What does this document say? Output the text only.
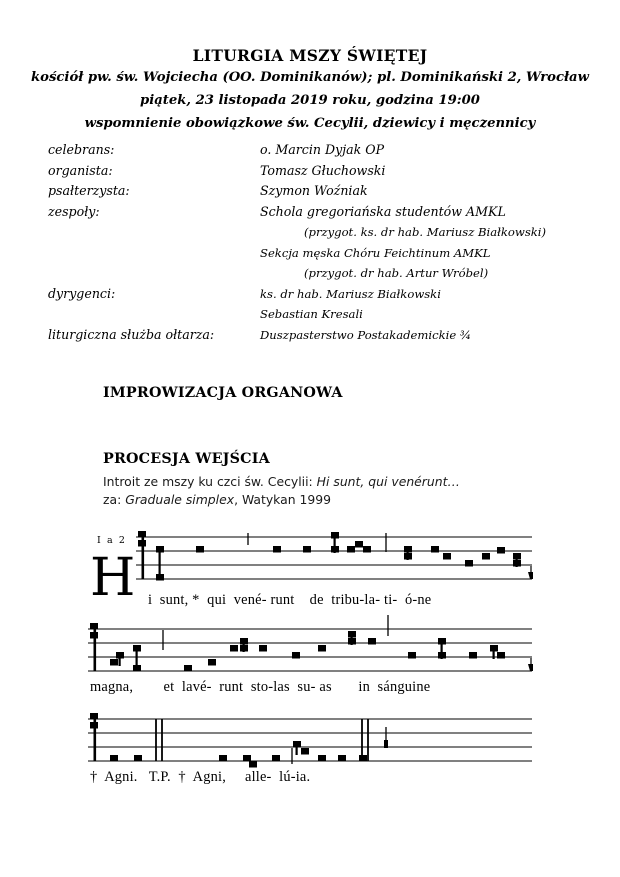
LITURGIA MSZY ŚWIĘTEJ
kościół pw. św. Wojciecha (OO. Dominikanów); pl. Dominikański 2, Wrocław
piątek, 23 listopada 2019 roku, godzina 19:00
wspomnienie obowiązkowe św. Cecylii, dziewicy i męczennicy
celebrans:	o. Marcin Dyjak OP
organista:	Tomasz Głuchowski
psałterzysta:	Szymon Woźniak
zespoły:	Schola gregoriańska studentów AMKL
(przygot. ks. dr hab. Mariusz Białkowski)
Sekcja męska Chóru Feichtinum AMKL
(przygot. dr hab. Artur Wróbel)
dyrygenci:	ks. dr hab. Mariusz Białkowski
Sebastian Kresali
liturgiczna służba ołtarza:	Duszpasterstwo Postakademickie ¾
IMPROWIZACJA ORGANOWA
PROCESJA WEJŚCIA
Introit ze mszy ku czci św. Cecylii: Hi sunt, qui venérunt…
za: Graduale simplex, Watykan 1999
I a 2
H i  sunt, *  qui  vené- runt    de  tribu-la- ti-  ó-ne
magna,        et  lavé-  runt  sto-las  su- as       in  sánguine
†  Agni.   T.P.  †  Agni,     alle-  lú-ia.
